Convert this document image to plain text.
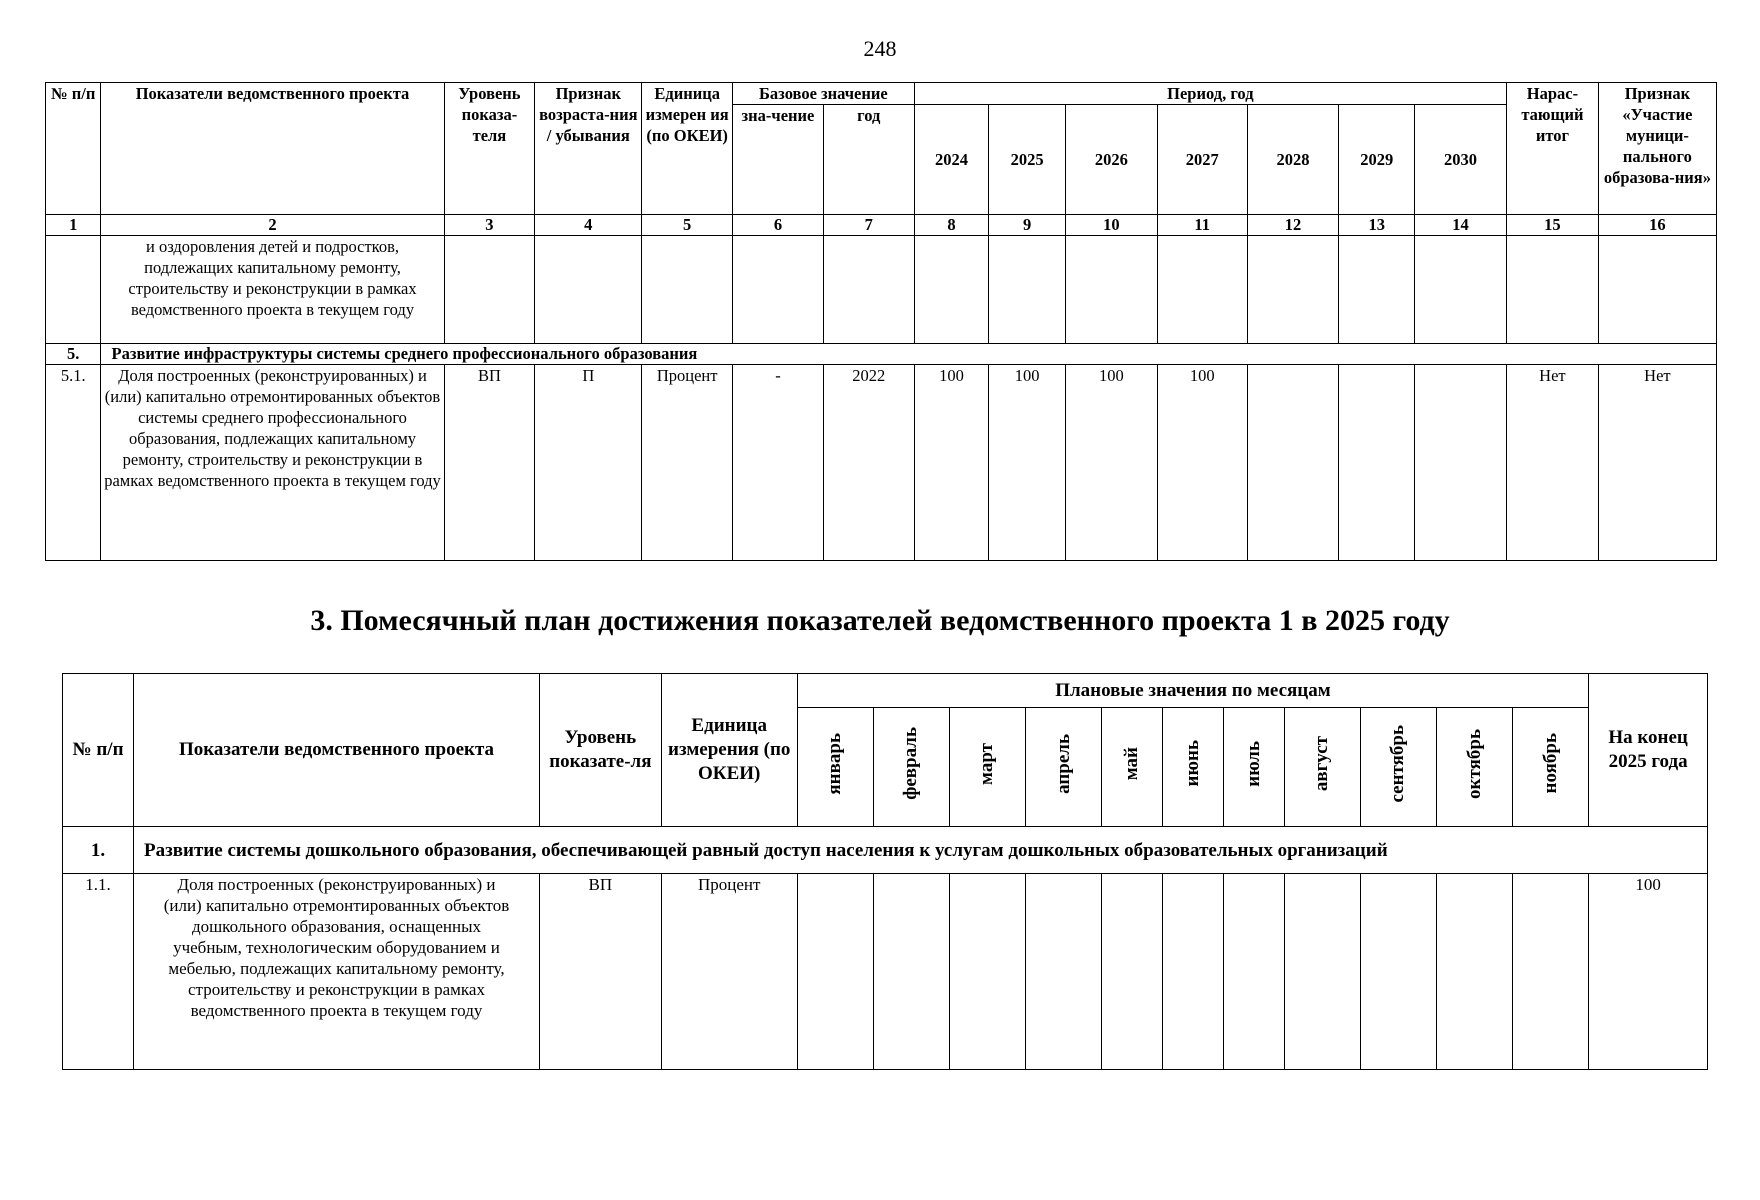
248
№ п/п	Показатели ведомственного проекта	Уровень показа-теля	Признак возраста-ния / убывания	Единица измерен ия (по ОКЕИ)	Базовое значение		Период, год							Нарас-тающий итог	Признак «Участие муници-пального образова-ния»
					зна-чение	год	2024	2025	2026	2027	2028	2029	2030		
1	2	3	4	5	6	7	8	9	10	11	12	13	14	15	16
	и оздоровления детей и подростков, подлежащих капитальному ремонту, строительству и реконструкции в рамках ведомственного проекта в текущем году														
5.	Развитие инфраструктуры системы среднего профессионального образования														
5.1.	Доля построенных (реконструированных) и (или) капитально отремонтированных объектов системы среднего профессионального образования, подлежащих капитальному ремонту, строительству и реконструкции в рамках ведомственного проекта в текущем году	ВП	П	Процент	-	2022	100	100	100	100				Нет	Нет
3. Помесячный план достижения показателей ведомственного проекта 1 в 2025 году
№ п/п	Показатели ведомственного проекта	Уровень показате-ля	Единица измерения (по ОКЕИ)	Плановые значения по месяцам											На конец 2025 года
				январь	февраль	март	апрель	май	июнь	июль	август	сентябрь	октябрь	ноябрь	
1.	Развитие системы дошкольного образования, обеспечивающей равный доступ населения к услугам дошкольных образовательных организаций														
1.1.	Доля построенных (реконструированных) и (или) капитально отремонтированных объектов дошкольного образования, оснащенных учебным, технологическим оборудованием и мебелью, подлежащих капитальному ремонту, строительству и реконструкции в рамках ведомственного проекта в текущем году	ВП	Процент												100
